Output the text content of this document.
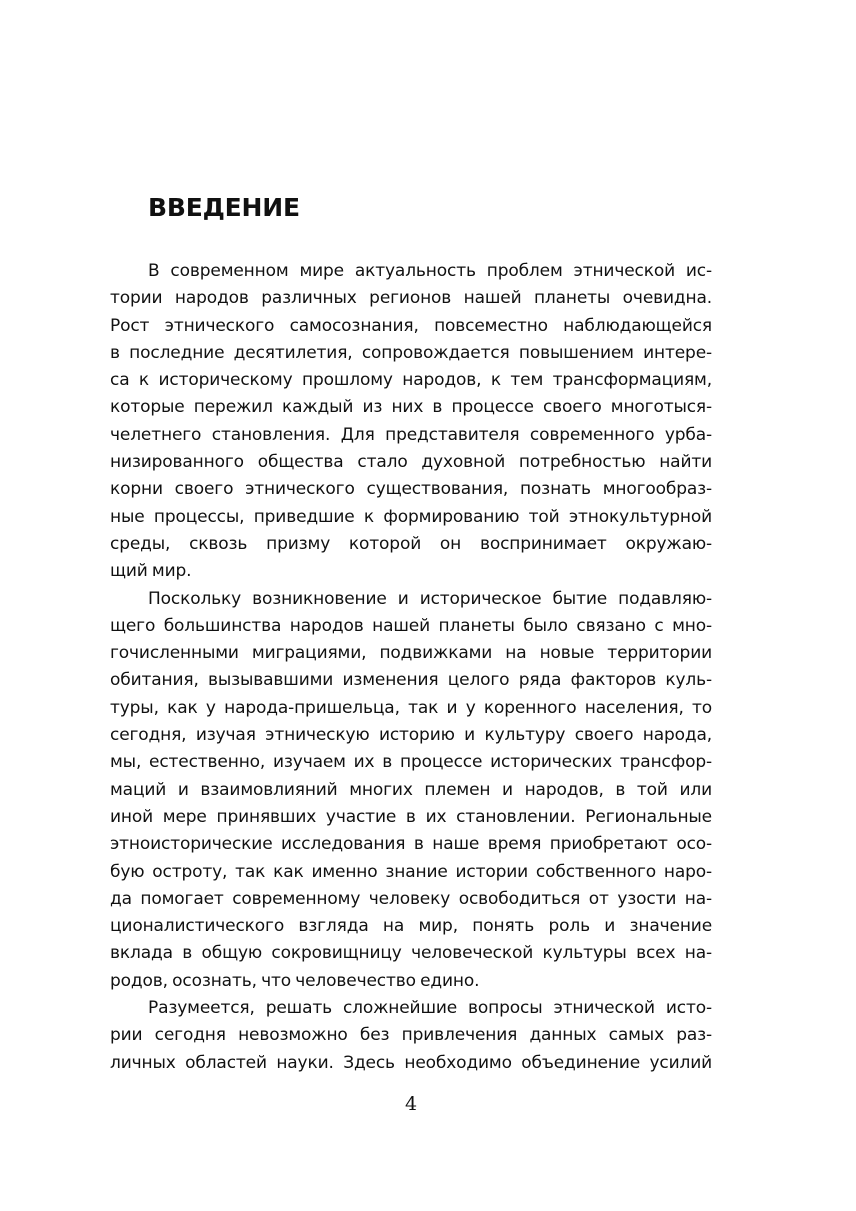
ВВЕДЕНИЕ
В современном мире актуальность проблем этнической ис-
тории народов различных регионов нашей планеты очевидна.
Рост этнического самосознания, повсеместно наблюдающейся
в последние десятилетия, сопровождается повышением интере-
са к историческому прошлому народов, к тем трансформациям,
которые пережил каждый из них в процессе своего многотыся-
челетнего становления. Для представителя современного урба-
низированного общества стало духовной потребностью найти
корни своего этнического существования, познать многообраз-
ные процессы, приведшие к формированию той этнокультурной
среды, сквозь призму которой он воспринимает окружаю-
щий мир.
Поскольку возникновение и историческое бытие подавляю-
щего большинства народов нашей планеты было связано с мно-
гочисленными миграциями, подвижками на новые территории
обитания, вызывавшими изменения целого ряда факторов куль-
туры, как у народа-пришельца, так и у коренного населения, то
сегодня, изучая этническую историю и культуру своего народа,
мы, естественно, изучаем их в процессе исторических трансфор-
маций и взаимовлияний многих племен и народов, в той или
иной мере принявших участие в их становлении. Региональные
этноисторические исследования в наше время приобретают осо-
бую остроту, так как именно знание истории собственного наро-
да помогает современному человеку освободиться от узости на-
ционалистического взгляда на мир, понять роль и значение
вклада в общую сокровищницу человеческой культуры всех на-
родов, осознать, что человечество едино.
Разумеется, решать сложнейшие вопросы этнической исто-
рии сегодня невозможно без привлечения данных самых раз-
личных областей науки. Здесь необходимо объединение усилий
4
